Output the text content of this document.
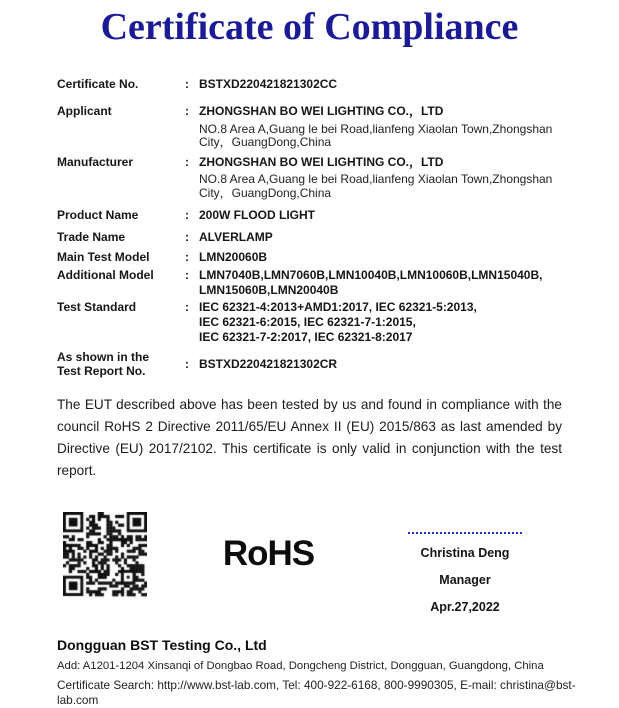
Certificate of Compliance
Certificate No.	: BSTXD220421821302CC
Applicant	: ZHONGSHAN BO WEI LIGHTING CO.，LTD
NO.8 Area A,Guang le bei Road,lianfeng Xiaolan Town,Zhongshan
City，GuangDong,China
Manufacturer	: ZHONGSHAN BO WEI LIGHTING CO.，LTD
NO.8 Area A,Guang le bei Road,lianfeng Xiaolan Town,Zhongshan
City，GuangDong,China
Product Name	: 200W FLOOD LIGHT
Trade Name	: ALVERLAMP
Main Test Model	: LMN20060B
Additional Model	: LMN7040B,LMN7060B,LMN10040B,LMN10060B,LMN15040B,
LMN15060B,LMN20040B
Test Standard	: IEC 62321-4:2013+AMD1:2017, IEC 62321-5:2013,
IEC 62321-6:2015, IEC 62321-7-1:2015,
IEC 62321-7-2:2017, IEC 62321-8:2017
As shown in the
Test Report No.
: BSTXD220421821302CR

The EUT described above has been tested by us and found in compliance with the council RoHS 2 Directive 2011/65/EU Annex II (EU) 2015/863 as last amended by Directive (EU) 2017/2102. This certificate is only valid in conjunction with the test report.

RoHS	Christina Deng
Manager
Apr.27,2022
Dongguan BST Testing Co., Ltd
Add: A1201-1204 Xinsanqi of Dongbao Road, Dongcheng District, Dongguan, Guangdong, China
Certificate Search: http://www.bst-lab.com, Tel: 400-922-6168, 800-9990305, E-mail: christina@bst-lab.com
